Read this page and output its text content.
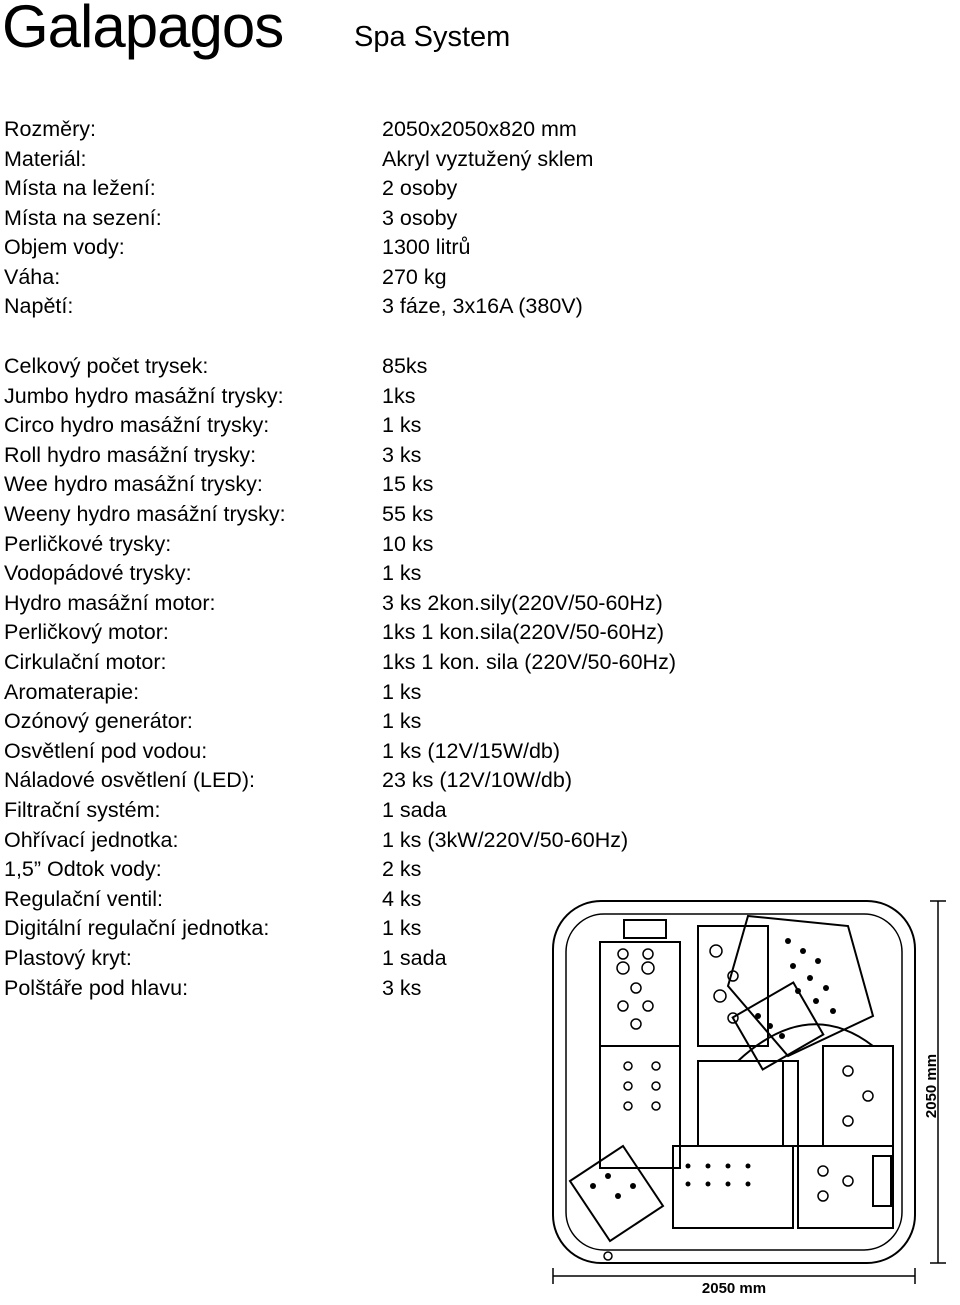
Galapagos Spa System
Rozměry:	2050x2050x820 mm
Materiál:	Akryl vyztužený sklem
Místa na ležení:	2 osoby
Místa na sezení:	3 osoby
Objem vody:	1300 litrů
Váha:	270 kg
Napětí:	3 fáze, 3x16A (380V)
Celkový počet trysek:	85ks
Jumbo hydro masážní trysky:	1ks
Circo hydro masážní trysky:	1 ks
Roll hydro masážní trysky:	3 ks
Wee hydro masážní trysky:	15 ks
Weeny hydro masážní trysky:	55 ks
Perličkové trysky:	10 ks
Vodopádové trysky:	1 ks
Hydro masážní motor:	3 ks 2kon.sily(220V/50-60Hz)
Perličkový motor:	1ks 1 kon.sila(220V/50-60Hz)
Cirkulační motor:	1ks 1 kon. sila (220V/50-60Hz)
Aromaterapie:	1 ks
Ozónový generátor:	1 ks
Osvětlení pod vodou:	1 ks (12V/15W/db)
Náladové osvětlení (LED):	23 ks (12V/10W/db)
Filtrační systém:	1 sada
Ohřívací jednotka:	1 ks (3kW/220V/50-60Hz)
1,5” Odtok vody:	2 ks
Regulační ventil:	4 ks
Digitální regulační jednotka:	1 ks
Plastový kryt:	1 sada
Polštáře pod hlavu:	3 ks
2050 mm
2050 mm
